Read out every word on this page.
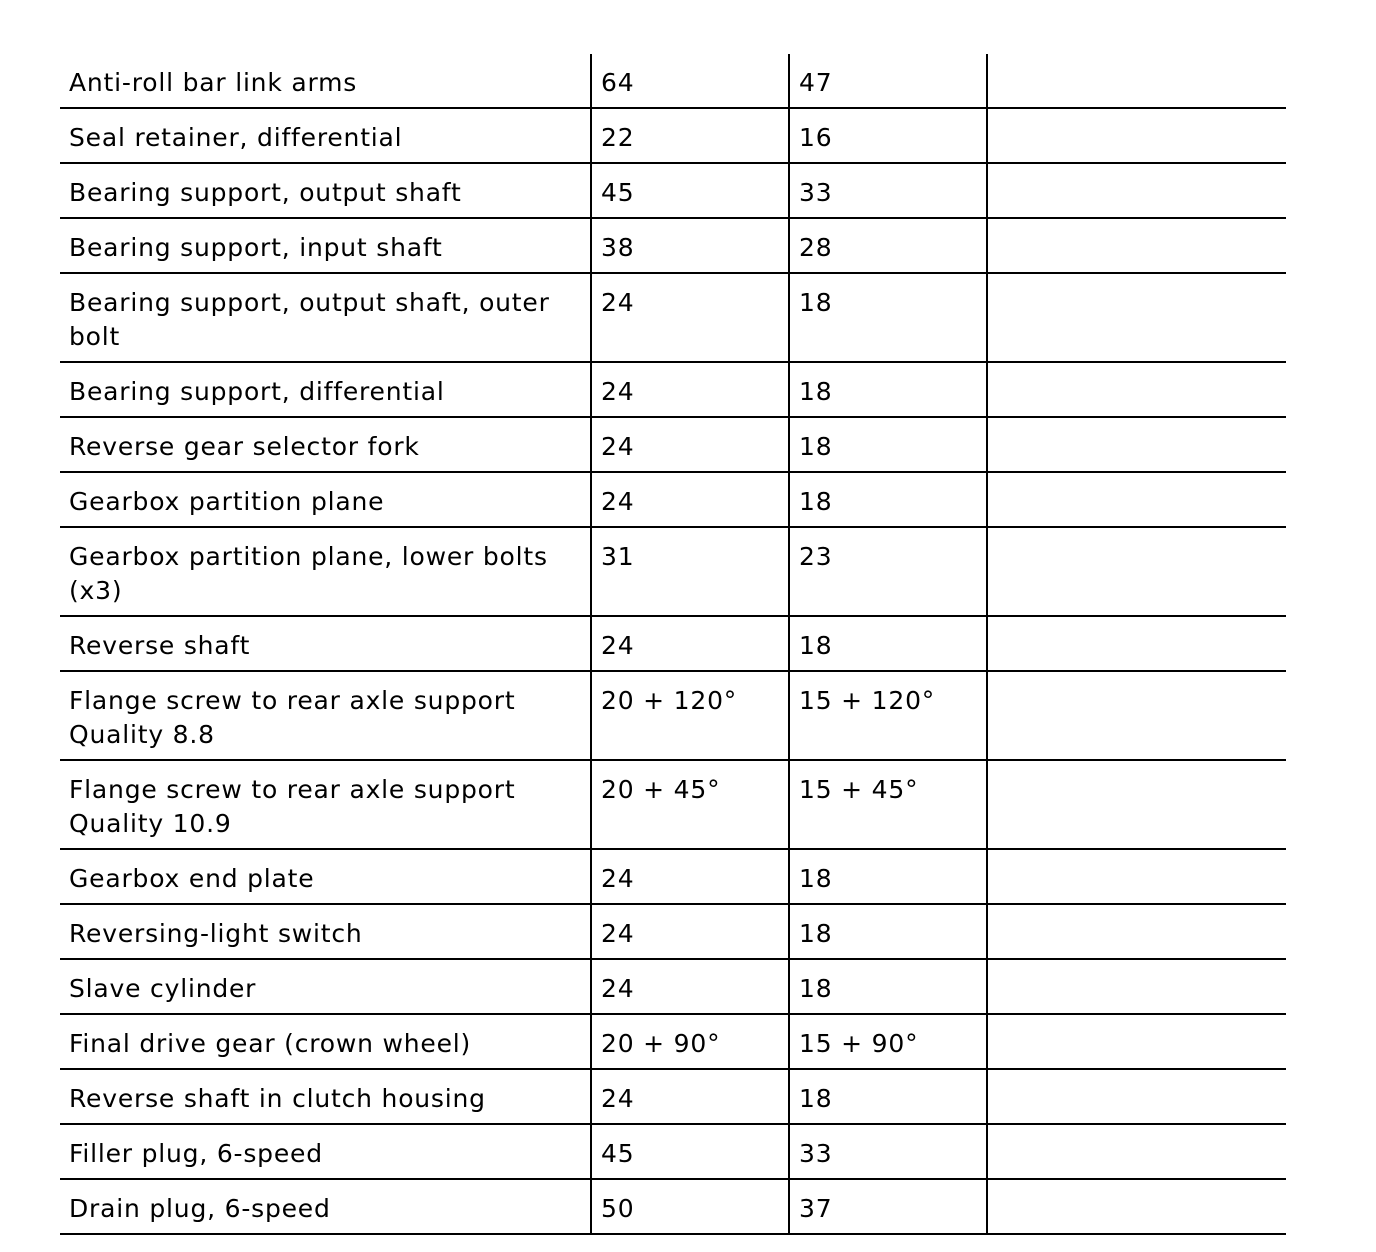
Anti-roll bar link arms	64	47	
Seal retainer, differential	22	16	
Bearing support, output shaft	45	33	
Bearing support, input shaft	38	28	
Bearing support, output shaft, outer bolt	24	18	
Bearing support, differential	24	18	
Reverse gear selector fork	24	18	
Gearbox partition plane	24	18	
Gearbox partition plane, lower bolts (x3)	31	23	
Reverse shaft	24	18	
Flange screw to rear axle support Quality 8.8	20 + 120°	15 + 120°	
Flange screw to rear axle support Quality 10.9	20 + 45°	15 + 45°	
Gearbox end plate	24	18	
Reversing-light switch	24	18	
Slave cylinder	24	18	
Final drive gear (crown wheel)	20 + 90°	15 + 90°	
Reverse shaft in clutch housing	24	18	
Filler plug, 6-speed	45	33	
Drain plug, 6-speed	50	37	
